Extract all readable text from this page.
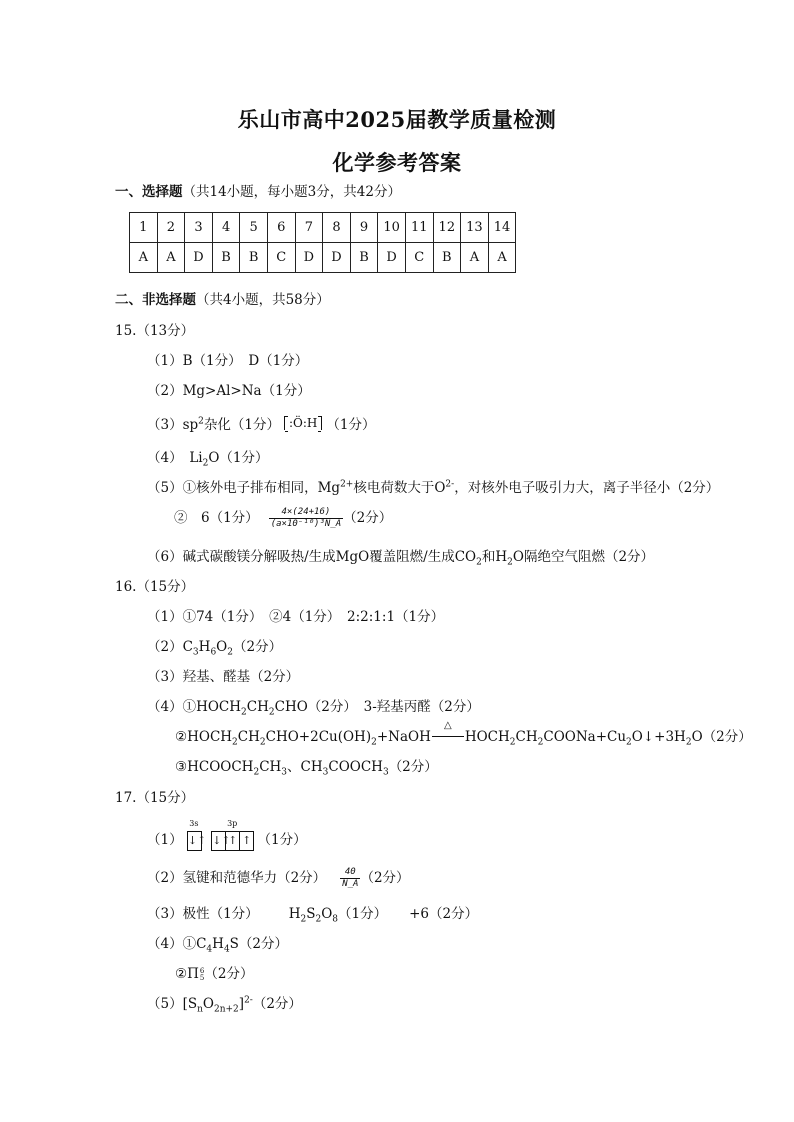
乐山市高中2025届教学质量检测
化学参考答案
一、选择题（共14小题，每小题3分，共42分）
1	2	3	4	5	6	7	8	9	10	11	12	13	14
A	A	D	B	B	C	D	D	B	D	C	B	A	A
二、非选择题（共4小题，共58分）
15.（13分）
（1）B（1分）　D（1分）
（2）Mg>Al>Na（1分）
$(3)sp^2$杂化（1分） :Ö:H （1分）
（4）　$Li_2O(1$分）
（5）①核外电子排布相同，$Mg^{2+}$核电荷数大于$O^{2-}$，对核外电子吸引力大，离子半径小（2分）
②　6（1分） $\frac{4\times(24+16)}{\text{(a×10⁻¹⁰)³N\_A}} (2$分）
（6）碱式碳酸镁分解吸热/生成MgO覆盖阻燃/生成$CO_2$和$H_2O$隔绝空气阻燃（2分）
16.（15分）
（1）①74（1分）　②4（1分）　2:2:1:1（1分）
$(2)C_3H_6O_2(2$分）
（3）羟基、醛基（2分）
$(4)①HOCH_2CH_2CHO(2$分）　3-羟基丙醛（2分）
$②HOCH_2CH_2CHO+2Cu(OH)_2+NaOH$
△
$HOCH_2CH_2COONa+Cu_2O↓+3H_2O(2$分）
$③HCOOCH_2CH_3$、$CH_3COOCH_3(2$分）
17.（15分）
（1）
3s
↓↑
3p
↓↑↑ ↑ （1分）
（2）氢键和范德华力（2分） $\frac{40}{N\_A} (2$分）
（3）极性（1分） $H_2S_2O_8(1$分） +6（2分）
$(4)①C_4H_4S(2$分）
②Π 6
5 （2分）
$(5)[S_nO_{2n+2}]^{2-}(2$分）
